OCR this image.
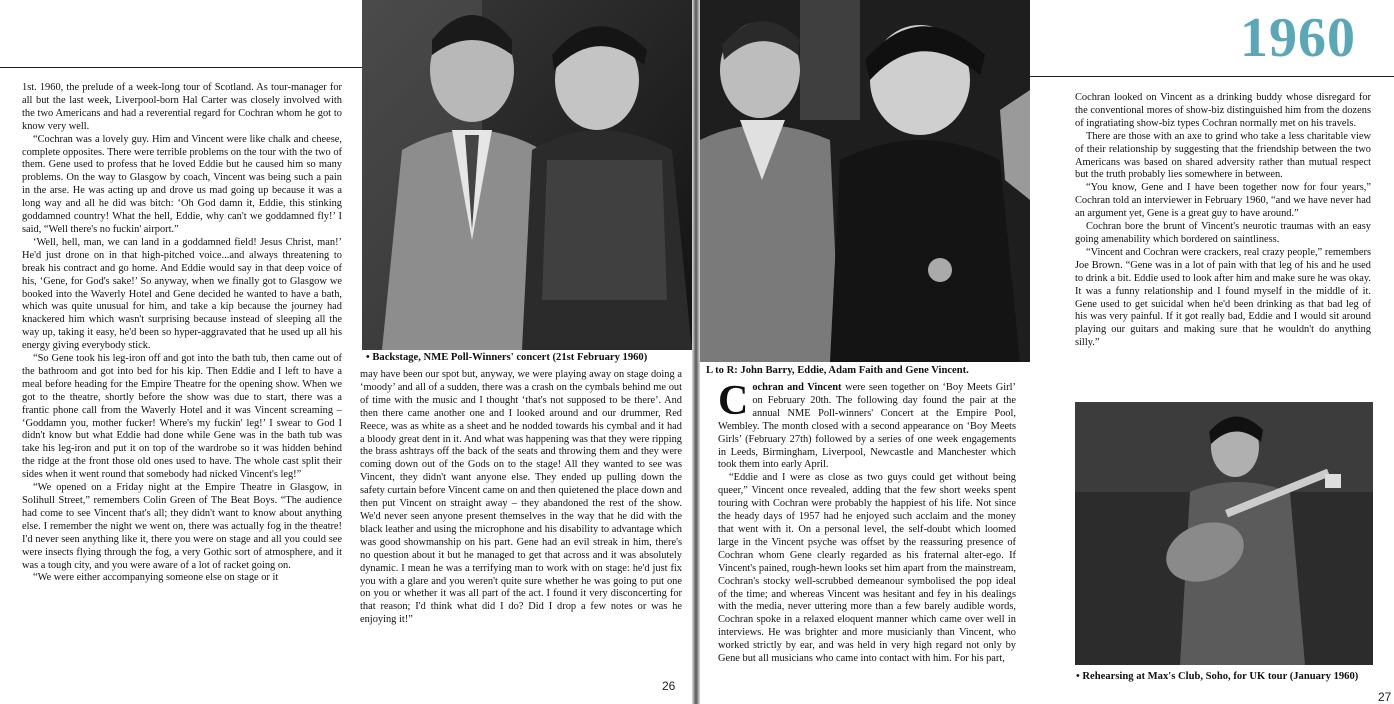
1960

1st. 1960, the prelude of a week-long tour of Scotland. As tour-manager for all but the last week, Liverpool-born Hal Carter was closely involved with the two Americans and had a reverential regard for Cochran whom he got to know very well.

“Cochran was a lovely guy. Him and Vincent were like chalk and cheese, complete opposites. There were terrible problems on the tour with the two of them. Gene used to profess that he loved Eddie but he caused him so many problems. On the way to Glasgow by coach, Vincent was being such a pain in the arse. He was acting up and drove us mad going up because it was a long way and all he did was bitch: ‘Oh God damn it, Eddie, this stinking goddamned country! What the hell, Eddie, why can't we goddamned fly!’ I said, “Well there's no fuckin' airport.”

‘Well, hell, man, we can land in a goddamned field! Jesus Christ, man!’ He'd just drone on in that high-pitched voice...and always threatening to break his contract and go home. And Eddie would say in that deep voice of his, ‘Gene, for God's sake!’ So anyway, when we finally got to Glasgow we booked into the Waverly Hotel and Gene decided he wanted to have a bath, which was quite unusual for him, and take a kip because the journey had knackered him which wasn't surprising because instead of sleeping all the way up, taking it easy, he'd been so hyper-aggravated that he used up all his energy giving everybody stick.

“So Gene took his leg-iron off and got into the bath tub, then came out of the bathroom and got into bed for his kip. Then Eddie and I left to have a meal before heading for the Empire Theatre for the opening show. When we got to the theatre, shortly before the show was due to start, there was a frantic phone call from the Waverly Hotel and it was Vincent screaming – ‘Goddamn you, mother fucker! Where's my fuckin' leg!’ I swear to God I didn't know but what Eddie had done while Gene was in the bath tub was take his leg-iron and put it on top of the wardrobe so it was hidden behind the ridge at the front those old ones used to have. The whole cast split their sides when it went round that somebody had nicked Vincent's leg!”

“We opened on a Friday night at the Empire Theatre in Glasgow, in Solihull Street,” remembers Colin Green of The Beat Boys. “The audience had come to see Vincent that's all; they didn't want to know about anything else. I remember the night we went on, there was actually fog in the theatre! I'd never seen anything like it, there you were on stage and all you could see were insects flying through the fog, a very Gothic sort of atmosphere, and it was a tough city, and you were aware of a lot of racket going on.

“We were either accompanying someone else on stage or it

• Backstage, NME Poll-Winners' concert (21st February 1960)

may have been our spot but, anyway, we were playing away on stage doing a ‘moody’ and all of a sudden, there was a crash on the cymbals behind me out of time with the music and I thought ‘that's not supposed to be there’. And then there came another one and I looked around and our drummer, Red Reece, was as white as a sheet and he nodded towards his cymbal and it had a bloody great dent in it. And what was happening was that they were ripping the brass ashtrays off the back of the seats and throwing them and they were coming down out of the Gods on to the stage! All they wanted to see was Vincent, they didn't want anyone else. They ended up pulling down the safety curtain before Vincent came on and then quietened the place down and then put Vincent on straight away – they abandoned the rest of the show. We'd never seen anyone present themselves in the way that he did with the black leather and using the microphone and his disability to advantage which was good showmanship on his part. Gene had an evil streak in him, there's no question about it but he managed to get that across and it was absolutely dynamic. I mean he was a terrifying man to work with on stage: he'd just fix you with a glare and you weren't quite sure whether he was going to put one on you or whether it was all part of the act. I found it very disconcerting for that reason; I'd think what did I do? Did I drop a few notes or was he enjoying it!”

26
L to R: John Barry, Eddie, Adam Faith and Gene Vincent.

Cochran and Vincent were seen together on ‘Boy Meets Girl’ on February 20th. The following day found the pair at the annual NME Poll-winners' Concert at the Empire Pool, Wembley. The month closed with a second appearance on ‘Boy Meets Girls’ (February 27th) followed by a series of one week engagements in Leeds, Birmingham, Liverpool, Newcastle and Manchester which took them into early April.

“Eddie and I were as close as two guys could get without being queer,” Vincent once revealed, adding that the few short weeks spent touring with Cochran were probably the happiest of his life. Not since the heady days of 1957 had he enjoyed such acclaim and the money that went with it. On a personal level, the self-doubt which loomed large in the Vincent psyche was offset by the reassuring presence of Cochran whom Gene clearly regarded as his fraternal alter-ego. If Vincent's pained, rough-hewn looks set him apart from the mainstream, Cochran's stocky well-scrubbed demeanour symbolised the pop ideal of the time; and whereas Vincent was hesitant and fey in his dealings with the media, never uttering more than a few barely audible words, Cochran spoke in a relaxed eloquent manner which came over well in interviews. He was brighter and more musicianly than Vincent, who worked strictly by ear, and was held in very high regard not only by Gene but all musicians who came into contact with him. For his part,

Cochran looked on Vincent as a drinking buddy whose disregard for the conventional mores of show-biz distinguished him from the dozens of ingratiating show-biz types Cochran normally met on his travels.

There are those with an axe to grind who take a less charitable view of their relationship by suggesting that the friendship between the two Americans was based on shared adversity rather than mutual respect but the truth probably lies somewhere in between.

“You know, Gene and I have been together now for four years,” Cochran told an interviewer in February 1960, “and we have never had an argument yet, Gene is a great guy to have around.”

Cochran bore the brunt of Vincent's neurotic traumas with an easy going amenability which bordered on saintliness.

“Vincent and Cochran were crackers, real crazy people,” remembers Joe Brown. “Gene was in a lot of pain with that leg of his and he used to drink a bit. Eddie used to look after him and make sure he was okay. It was a funny relationship and I found myself in the middle of it. Gene used to get suicidal when he'd been drinking as that bad leg of his was very painful. If it got really bad, Eddie and I would sit around playing our guitars and making sure that he wouldn't do anything silly.”

• Rehearsing at Max's Club, Soho, for UK tour (January 1960)
27
